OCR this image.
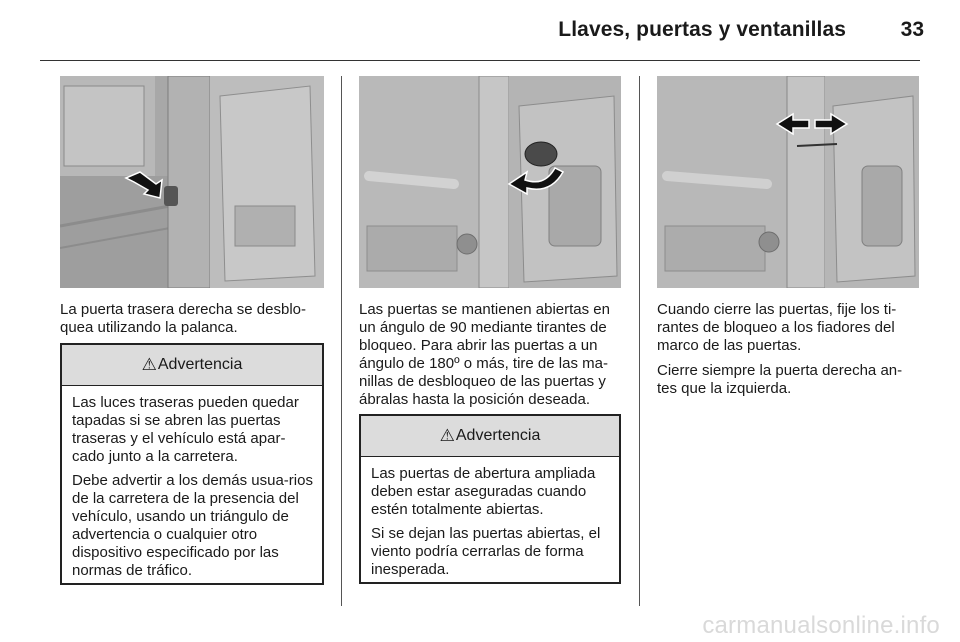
Llaves, puertas y ventanillas	33

La puerta trasera derecha se desblo-quea utilizando la palanca.

⚠ Advertencia

Las luces traseras pueden quedar tapadas si se abren las puertas traseras y el vehículo está apar-cado junto a la carretera.

Debe advertir a los demás usua-rios de la carretera de la presencia del vehículo, usando un triángulo de advertencia o cualquier otro dispositivo especificado por las normas de tráfico.

Las puertas se mantienen abiertas en un ángulo de 90 mediante tirantes de bloqueo. Para abrir las puertas a un ángulo de 180º o más, tire de las ma-nillas de desbloqueo de las puertas y ábralas hasta la posición deseada.

⚠ Advertencia

Las puertas de abertura ampliada deben estar aseguradas cuando estén totalmente abiertas.

Si se dejan las puertas abiertas, el viento podría cerrarlas de forma inesperada.

Cuando cierre las puertas, fije los ti-rantes de bloqueo a los fiadores del marco de las puertas.

Cierre siempre la puerta derecha an-tes que la izquierda.

carmanualsonline.info
